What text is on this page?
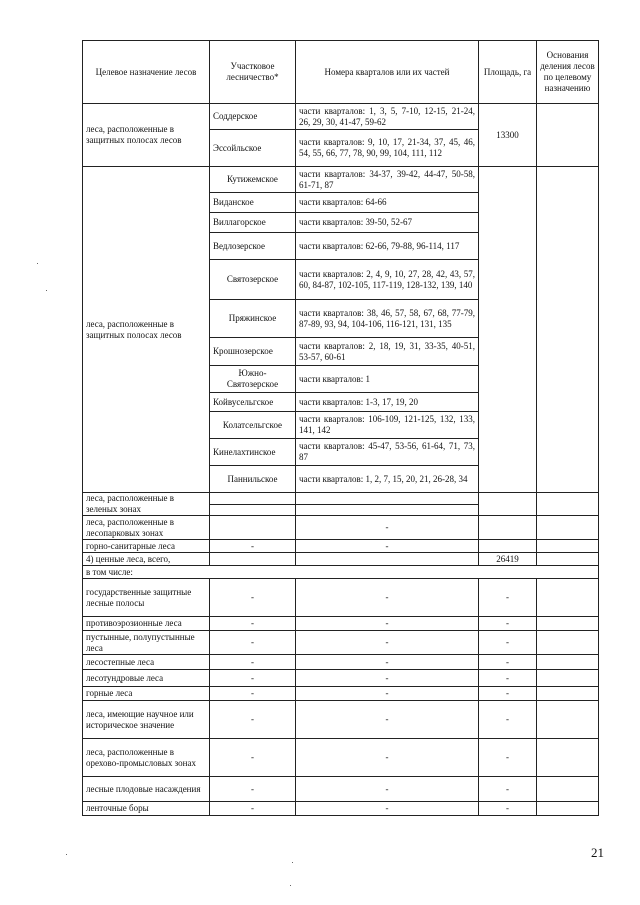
Целевое назначение лесов	Участковое лесничество*	Номера кварталов или их частей	Площадь, га	Основания деления лесов по целевому назначению
леса, расположенные в защитных полосах лесов	Соддерское	части кварталов: 1, 3, 5, 7-10, 12-15, 21-24, 26, 29, 30, 41-47, 59-62	13300	
	Эссойльское	части кварталов: 9, 10, 17, 21-34, 37, 45, 46, 54, 55, 66, 77, 78, 90, 99, 104, 111, 112		
леса, расположенные в защитных полосах лесов	Кутижемское	части кварталов: 34-37, 39-42, 44-47, 50-58, 61-71, 87		
	Виданское	части кварталов: 64-66		
	Виллагорское	части кварталов: 39-50, 52-67		
	Ведлозерское	части кварталов: 62-66, 79-88, 96-114, 117		
	Святозерское	части кварталов: 2, 4, 9, 10, 27, 28, 42, 43, 57, 60, 84-87, 102-105, 117-119, 128-132, 139, 140		
	Пряжинское	части кварталов: 38, 46, 57, 58, 67, 68, 77-79, 87-89, 93, 94, 104-106, 116-121, 131, 135		
	Крошнозерское	части кварталов: 2, 18, 19, 31, 33-35, 40-51, 53-57, 60-61		
	Южно-Святозерское	части кварталов: 1		
	Койвусельгское	части кварталов: 1-3, 17, 19, 20		
	Колатсельгское	части кварталов: 106-109, 121-125, 132, 133, 141, 142		
	Кинелахтинское	части кварталов: 45-47, 53-56, 61-64, 71, 73, 87		
	Паннильское	части кварталов: 1, 2, 7, 15, 20, 21, 26-28, 34		
леса, расположенные в зеленых зонах				

леса, расположенные в лесопарковых зонах		-		
горно-санитарные леса	-	-		
4) ценные леса, всего,			26419	
в том числе:				
государственные защитные лесные полосы	-	-	-	
противоэрозионные леса	-	-	-	
пустынные, полупустынные леса	-	-	-	
лесостепные леса	-	-	-	
лесотундровые леса	-	-	-	
горные леса	-	-	-	
леса, имеющие научное или историческое значение	-	-	-	
леса, расположенные в орехово-промысловых зонах	-	-	-	
лесные плодовые насаждения	-	-	-	
ленточные боры	-	-	-	
21
